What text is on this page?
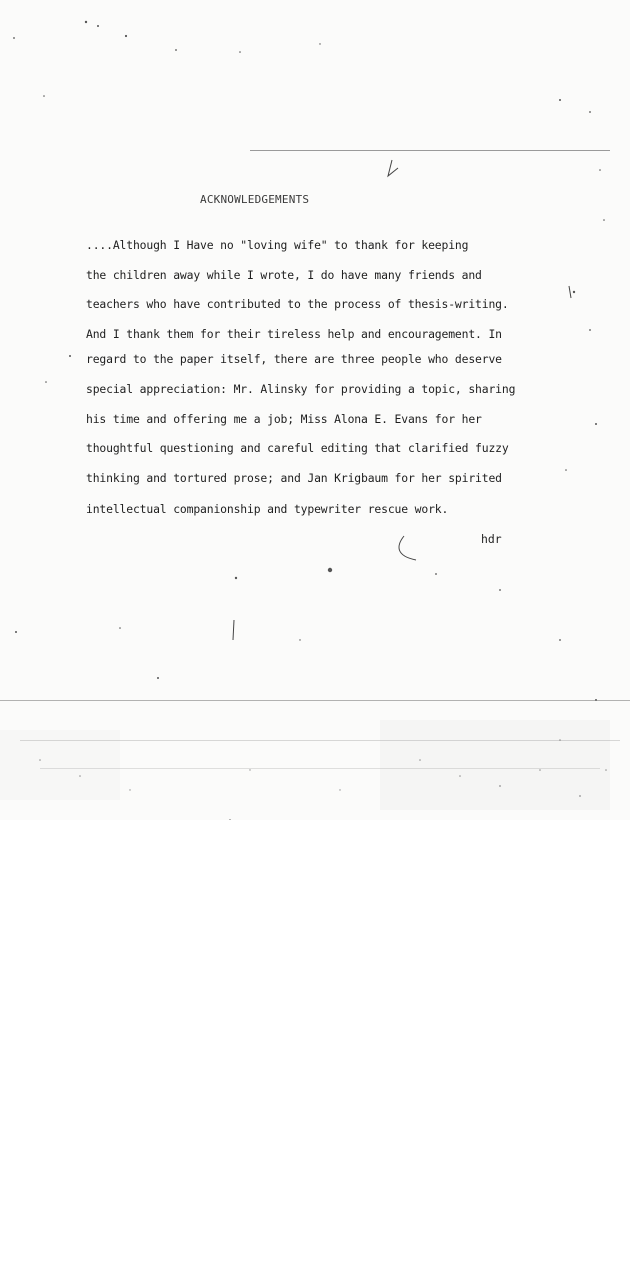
ACKNOWLEDGEMENTS

....Although I Have no "loving wife" to thank for keeping

the children away while I wrote, I do have many friends and

teachers who have contributed to the process of thesis-writing.

And I thank them for their tireless help and encouragement. In

regard to the paper itself, there are three people who deserve

special appreciation: Mr. Alinsky for providing a topic, sharing

his time and offering me a job; Miss Alona E. Evans for her

thoughtful questioning and careful editing that clarified fuzzy

thinking and tortured prose; and Jan Krigbaum for her spirited

intellectual companionship and typewriter rescue work.

hdr
